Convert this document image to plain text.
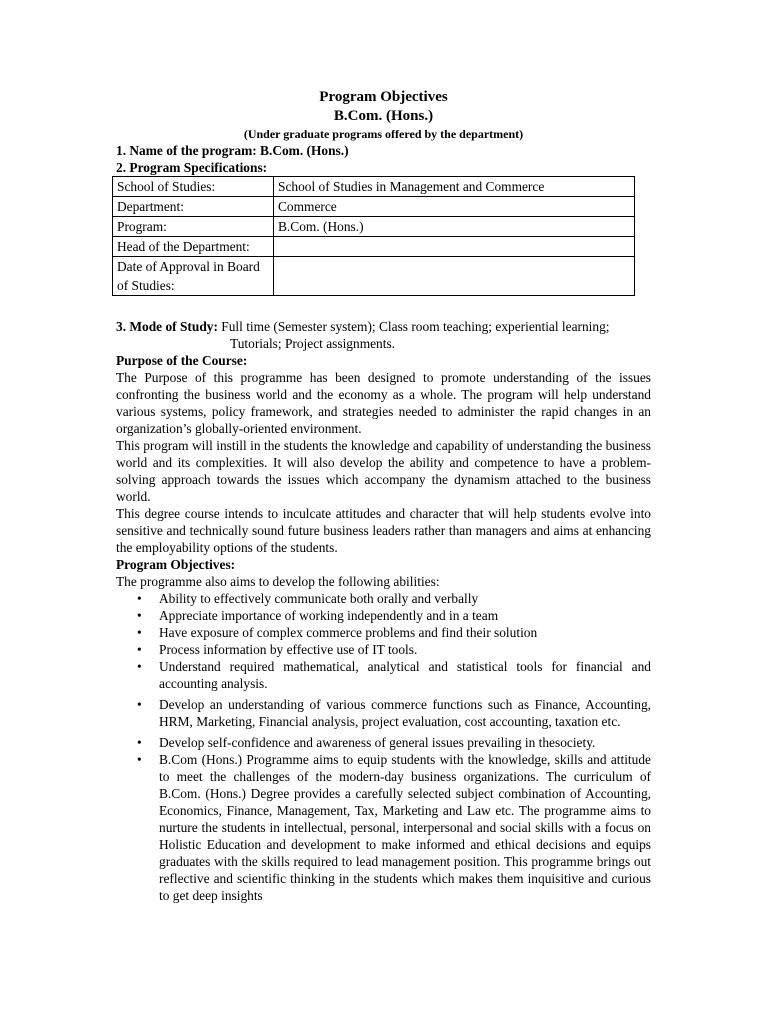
Program Objectives
B.Com. (Hons.)
(Under graduate programs offered by the department)
1. Name of the program: B.Com. (Hons.)
2. Program Specifications:
School of Studies:	School of Studies in Management and Commerce
Department:	Commerce
Program:	B.Com. (Hons.)
Head of the Department:	
Date of Approval in Board of Studies:	
3. Mode of Study: Full time (Semester system); Class room teaching; experiential learning;
Tutorials; Project assignments.
Purpose of the Course:

The Purpose of this programme has been designed to promote understanding of the issues confronting the business world and the economy as a whole. The program will help understand various systems, policy framework, and strategies needed to administer the rapid changes in an organization’s globally-oriented environment.

This program will instill in the students the knowledge and capability of understanding the business world and its complexities. It will also develop the ability and competence to have a problem-solving approach towards the issues which accompany the dynamism attached to the business world.

This degree course intends to inculcate attitudes and character that will help students evolve into sensitive and technically sound future business leaders rather than managers and aims at enhancing the employability options of the students.

Program Objectives:
The programme also aims to develop the following abilities:
• Ability to effectively communicate both orally and verbally
• Appreciate importance of working independently and in a team
• Have exposure of complex commerce problems and find their solution
• Process information by effective use of IT tools.
• Understand required mathematical, analytical and statistical tools for financial and accounting analysis.
• Develop an understanding of various commerce functions such as Finance, Accounting, HRM, Marketing, Financial analysis, project evaluation, cost accounting, taxation etc.
• Develop self-confidence and awareness of general issues prevailing in thesociety.
• B.Com (Hons.) Programme aims to equip students with the knowledge, skills and attitude to meet the challenges of the modern-day business organizations. The curriculum of B.Com. (Hons.) Degree provides a carefully selected subject combination of Accounting, Economics, Finance, Management, Tax, Marketing and Law etc. The programme aims to nurture the students in intellectual, personal, interpersonal and social skills with a focus on Holistic Education and development to make informed and ethical decisions and equips graduates with the skills required to lead management position. This programme brings out reflective and scientific thinking in the students which makes them inquisitive and curious to get deep insights
